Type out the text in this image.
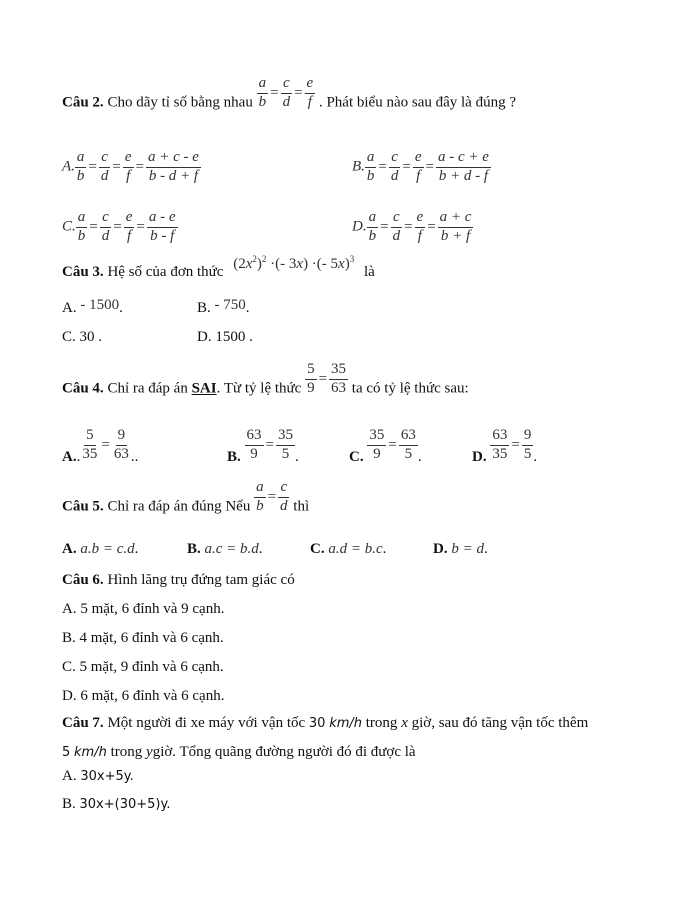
Câu 2. Cho dãy tỉ số bằng nhau $\frac{a}{b} = \frac{c}{d} = \frac{e}{f}$ . Phát biểu nào sau đây là đúng ?
A. $\frac{a}{b} = \frac{c}{d} = \frac{e}{f} = \frac{a + c - e}{b - d + f}$	B. $\frac{a}{b} = \frac{c}{d} = \frac{e}{f} = \frac{a - c + e}{b + d - f}$
C. $\frac{a}{b} = \frac{c}{d} = \frac{e}{f} = \frac{a - e}{b - f}$	D. $\frac{a}{b} = \frac{c}{d} = \frac{e}{f} = \frac{a + c}{b + f}$
Câu 3. Hệ số của đơn thức $(2x^2)^2$ ·(- 3x) ·(- 5x)$^3$ là
A. - 1500.	B. - 750.
C. 30 .	D. 1500 .
Câu 4. Chỉ ra đáp án SAI. Từ tỷ lệ thức $\frac{5}{9} = \frac{35}{63}$ ta có tỷ lệ thức sau:
A.. $\frac{5}{35} = \frac{9}{63}$ ..	B. $\frac{63}{9} = \frac{35}{5}$ .	C. $\frac{35}{9} = \frac{63}{5}$ .	D. $\frac{63}{35} = \frac{9}{5}$ .
Câu 5. Chỉ ra đáp án đúng Nếu $\frac{a}{b} = \frac{c}{d}$ thì
A. a.b = c.d.	B. a.c = b.d.	C. a.d = b.c.	D. b = d.
Câu 6. Hình lăng trụ đứng tam giác có
A. 5 mặt, 6 đỉnh và 9 cạnh.
B. 4 mặt, 6 đỉnh và 6 cạnh.
C. 5 mặt, 9 đỉnh và 6 cạnh.
D. 6 mặt, 6 đỉnh và 6 cạnh.
Câu 7. Một người đi xe máy với vận tốc 30 km/h trong x giờ, sau đó tăng vận tốc thêm
5 km/h trong ygiờ. Tổng quãng đường người đó đi được là
A. 30x+5y.
B. 30x+(30+5)y.
